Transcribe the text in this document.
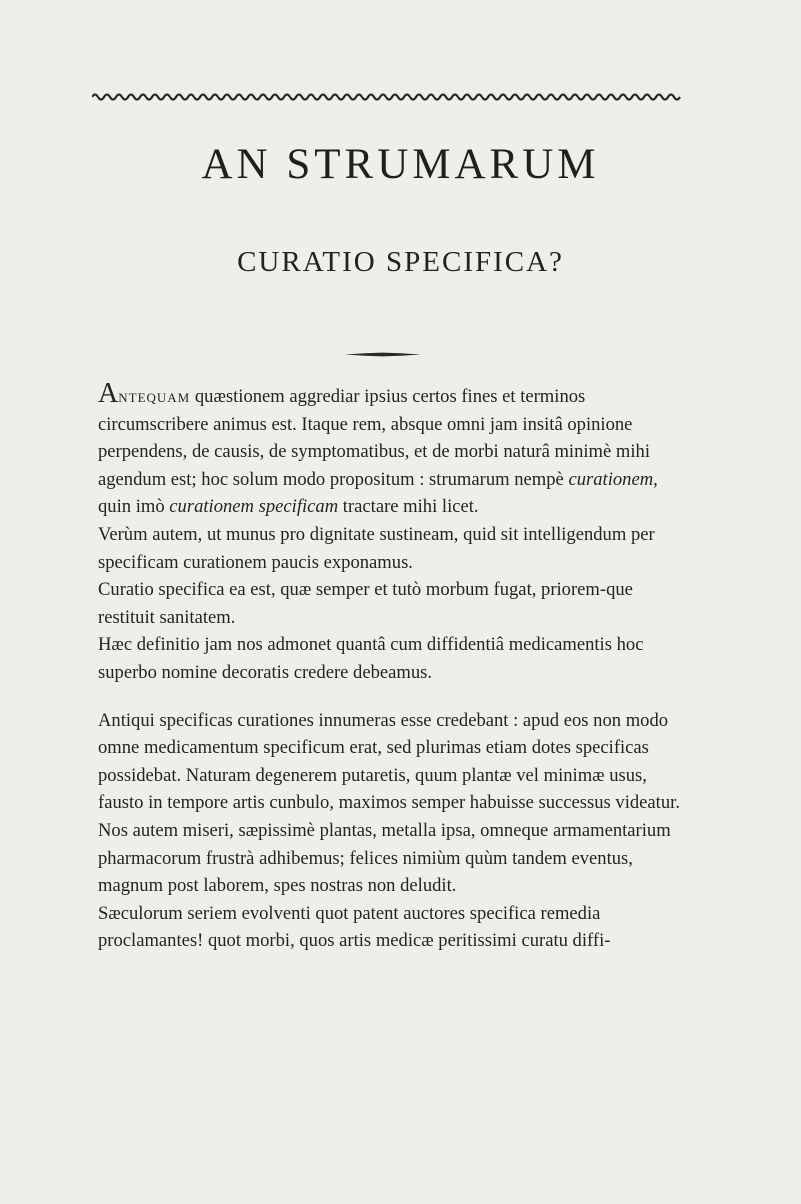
AN STRUMARUM
CURATIO SPECIFICA?

Antequam quæstionem aggrediar ipsius certos fines et terminos circumscribere animus est. Itaque rem, absque omni jam insitâ opinione perpendens, de causis, de symptomatibus, et de morbi naturâ minimè mihi agendum est; hoc solum modo propositum : strumarum nempè curationem, quin imò curationem specificam tractare mihi licet.

Verùm autem, ut munus pro dignitate sustineam, quid sit intelligendum per specificam curationem paucis exponamus.

Curatio specifica ea est, quæ semper et tutò morbum fugat, priorem-que restituit sanitatem.

Hæc definitio jam nos admonet quantâ cum diffidentiâ medicamentis hoc superbo nomine decoratis credere debeamus.

Antiqui specificas curationes innumeras esse credebant : apud eos non modo omne medicamentum specificum erat, sed plurimas etiam dotes specificas possidebat. Naturam degenerem putaretis, quum plantæ vel minimæ usus, fausto in tempore artis cunbulo, maximos semper habuisse successus videatur. Nos autem miseri, sæpissimè plantas, metalla ipsa, omneque armamentarium pharmacorum frustrà adhibemus; felices nimiùm quùm tandem eventus, magnum post laborem, spes nostras non deludit.

Sæculorum seriem evolventi quot patent auctores specifica remedia proclamantes! quot morbi, quos artis medicæ peritissimi curatu diffi-
